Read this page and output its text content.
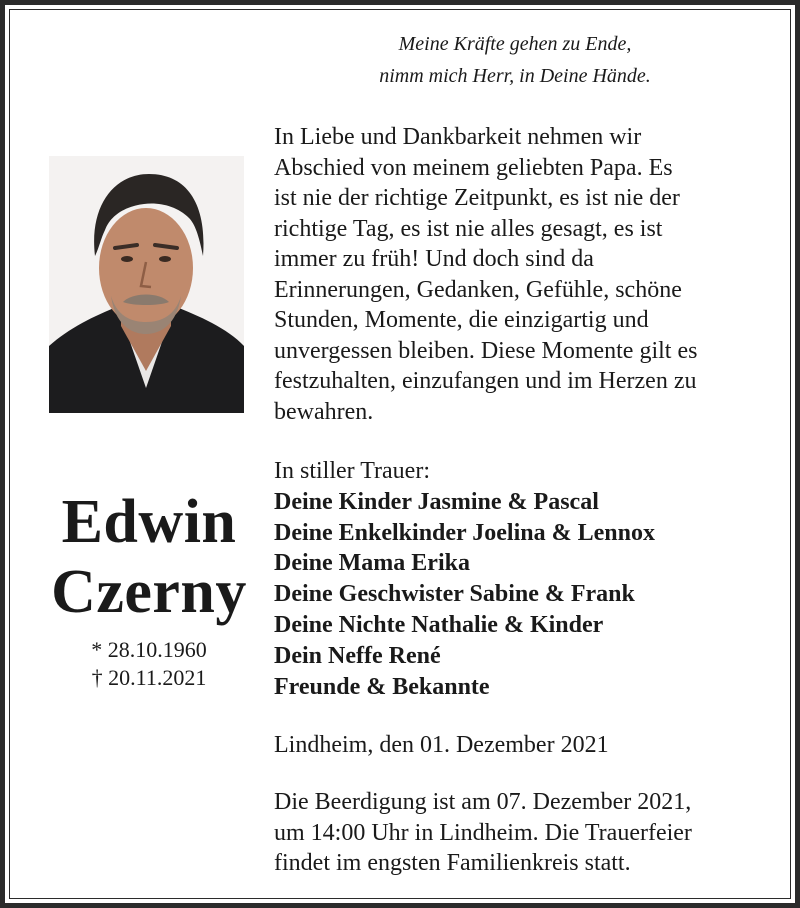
Meine Kräfte gehen zu Ende,
nimm mich Herr, in Deine Hände.
In Liebe und Dankbarkeit nehmen wir
Abschied von meinem geliebten Papa. Es
ist nie der richtige Zeitpunkt, es ist nie der
richtige Tag, es ist nie alles gesagt, es ist
immer zu früh! Und doch sind da
Erinnerungen, Gedanken, Gefühle, schöne
Stunden, Momente, die einzigartig und
unvergessen bleiben. Diese Momente gilt es
festzuhalten, einzufangen und im Herzen zu
bewahren.
Edwin
Czerny
* 28.10.1960
† 20.11.2021
In stiller Trauer:
Deine Kinder Jasmine & Pascal
Deine Enkelkinder Joelina & Lennox
Deine Mama Erika
Deine Geschwister Sabine & Frank
Deine Nichte Nathalie & Kinder
Dein Neffe René
Freunde & Bekannte
Lindheim, den 01. Dezember 2021
Die Beerdigung ist am 07. Dezember 2021,
um 14:00 Uhr in Lindheim. Die Trauerfeier
findet im engsten Familienkreis statt.
